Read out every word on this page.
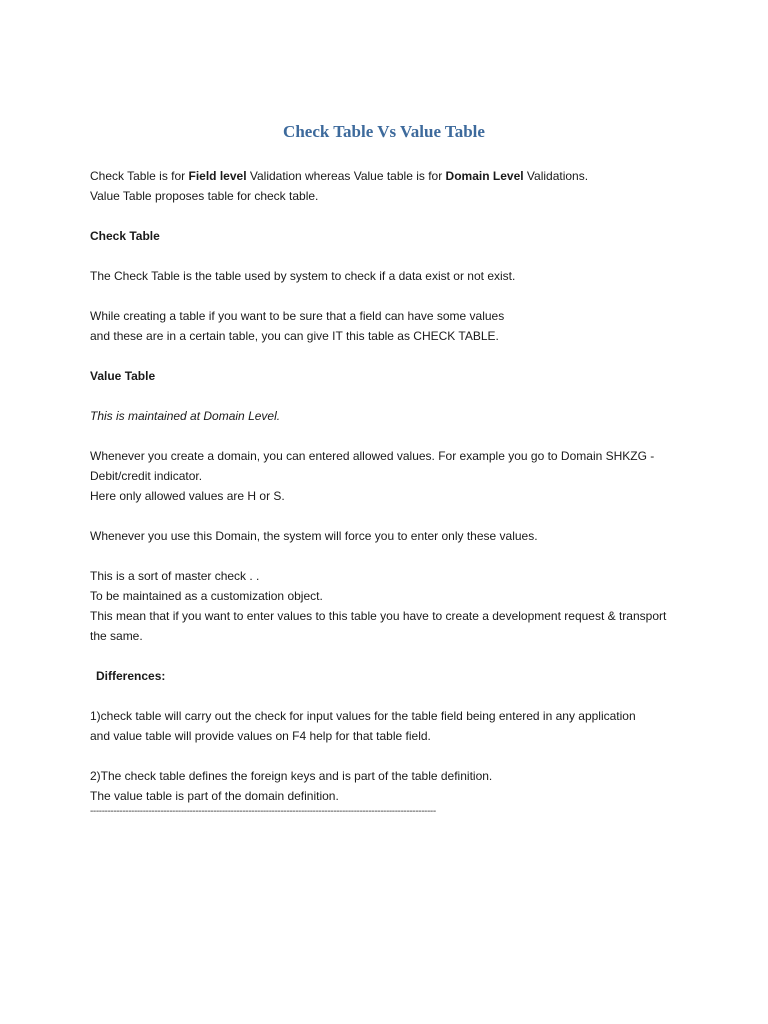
Check Table Vs Value Table

Check Table is for Field level Validation whereas Value table is for Domain Level Validations.

Value Table proposes table for check table.

Check Table

The Check Table is the table used by system to check if a data exist or not exist.

While creating a table if you want to be sure that a field can have some values

and these are in a certain table, you can give IT this table as CHECK TABLE.

Value Table

This is maintained at Domain Level.

Whenever you create a domain, you can entered allowed values. For example you go to Domain SHKZG -

Debit/credit indicator.

Here only allowed values are H or S.

Whenever you use this Domain, the system will force you to enter only these values.

This is a sort of master check . .

To be maintained as a customization object.

This mean that if you want to enter values to this table you have to create a development request & transport

the same.

Differences:

1)check table will carry out the check for input values for the table field being entered in any application

and value table will provide values on F4 help for that table field.

2)The check table defines the foreign keys and is part of the table definition.

The value table is part of the domain definition.

----------------------------------------------------------------------------------------------------------------------
